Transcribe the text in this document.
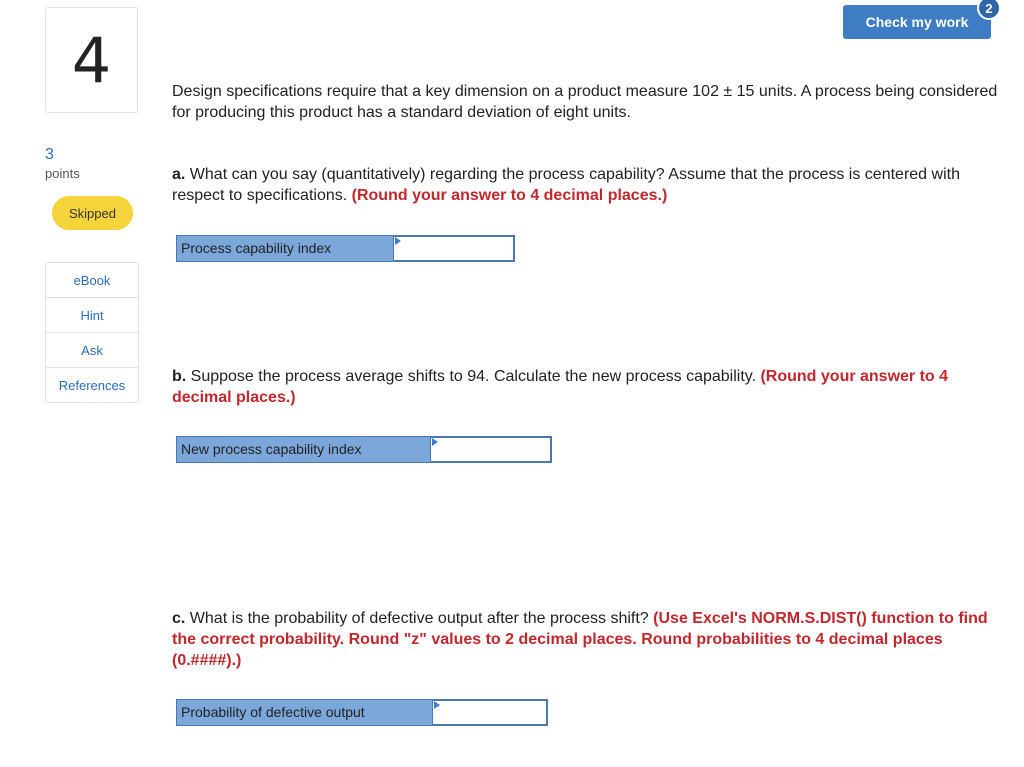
4
3
points
Skipped
eBook
Hint
Ask
References
Check my work
2
Design specifications require that a key dimension on a product measure 102 ± 15 units. A process being considered for producing this product has a standard deviation of eight units.
a. What can you say (quantitatively) regarding the process capability? Assume that the process is centered with respect to specifications. (Round your answer to 4 decimal places.)
Process capability index
b. Suppose the process average shifts to 94. Calculate the new process capability. (Round your answer to 4 decimal places.)
New process capability index
c. What is the probability of defective output after the process shift? (Use Excel's NORM.S.DIST() function to find the correct probability. Round "z" values to 2 decimal places. Round probabilities to 4 decimal places (0.####).)
Probability of defective output
